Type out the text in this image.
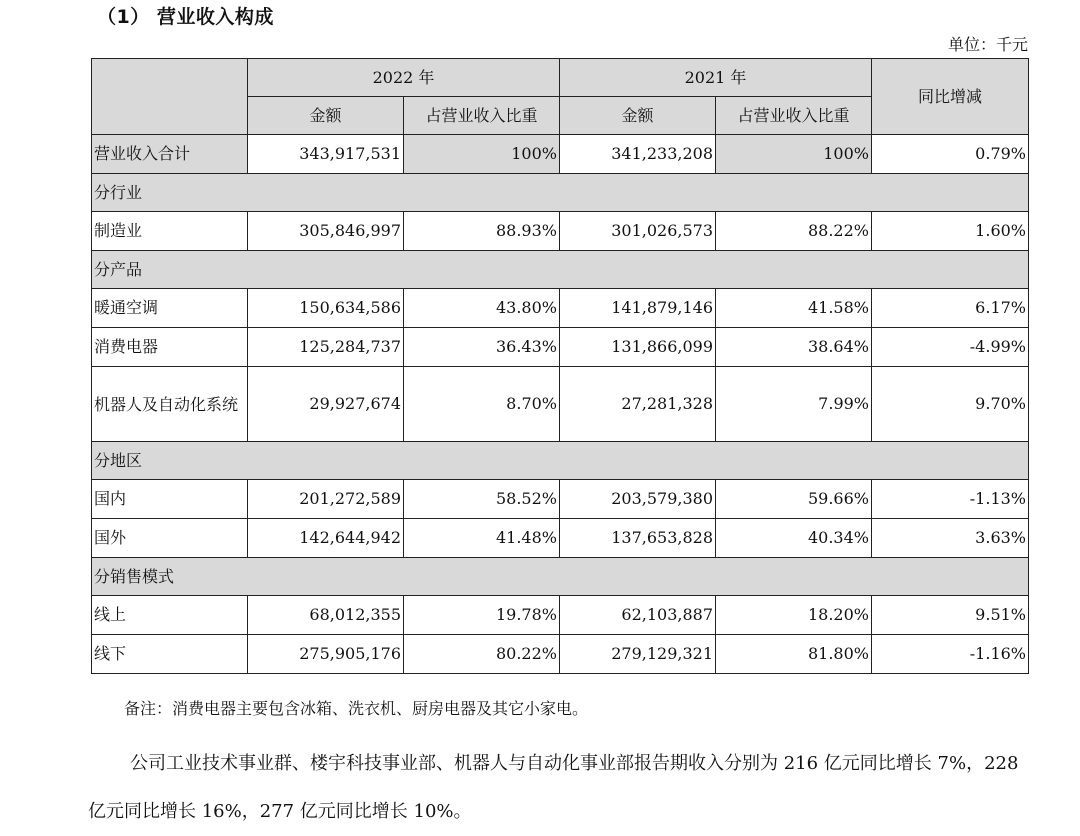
（1） 营业收入构成
单位：千元
	2022 年		2021 年		同比增减
	金额	占营业收入比重	金额	占营业收入比重	
营业收入合计	343,917,531	100%	341,233,208	100%	0.79%
分行业					
制造业	305,846,997	88.93%	301,026,573	88.22%	1.60%
分产品					
暖通空调	150,634,586	43.80%	141,879,146	41.58%	6.17%
消费电器	125,284,737	36.43%	131,866,099	38.64%	-4.99%
机器人及自动化系统	29,927,674	8.70%	27,281,328	7.99%	9.70%
分地区					
国内	201,272,589	58.52%	203,579,380	59.66%	-1.13%
国外	142,644,942	41.48%	137,653,828	40.34%	3.63%
分销售模式					
线上	68,012,355	19.78%	62,103,887	18.20%	9.51%
线下	275,905,176	80.22%	279,129,321	81.80%	-1.16%
备注：消费电器主要包含冰箱、洗衣机、厨房电器及其它小家电。
公司工业技术事业群、楼宇科技事业部、机器人与自动化事业部报告期收入分别为 216 亿元同比增长 7%，228 亿元同比增长 16%，277 亿元同比增长 10%。
